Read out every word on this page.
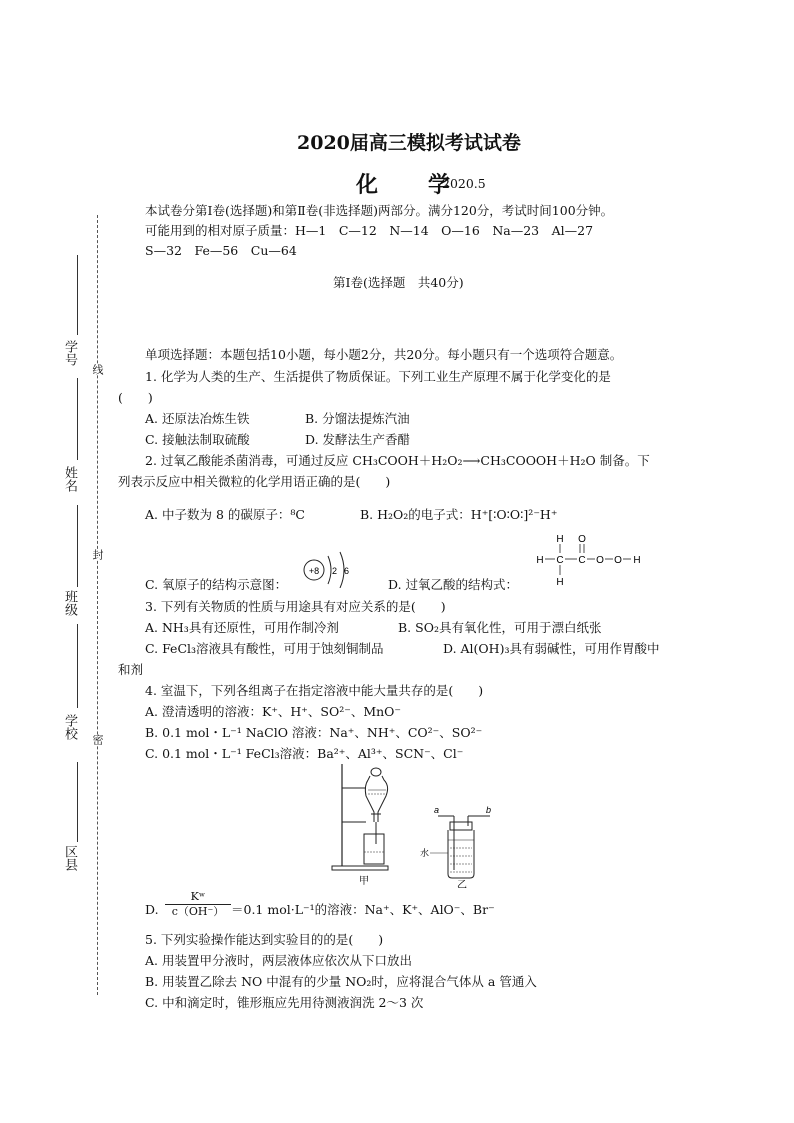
学号
姓名
班级
学校
区县
线
封
密
2020届高三模拟考试试卷
化　　学
2020.5
本试卷分第Ⅰ卷(选择题)和第Ⅱ卷(非选择题)两部分。满分120分，考试时间100分钟。
可能用到的相对原子质量：H—1　C—12　N—14　O—16　Na—23　Al—27
S—32　Fe—56　Cu—64
第Ⅰ卷(选择题　共40分)
单项选择题：本题包括10小题，每小题2分，共20分。每小题只有一个选项符合题意。
1. 化学为人类的生产、生活提供了物质保证。下列工业生产原理不属于化学变化的是
(　　)
A. 还原法冶炼生铁	B. 分馏法提炼汽油
C. 接触法制取硫酸	D. 发酵法生产香醋
2. 过氧乙酸能杀菌消毒，可通过反应 CH₃COOH＋H₂O₂⟶CH₃COOOH＋H₂O 制备。下
列表示反应中相关微粒的化学用语正确的是(　　)
A. 中子数为 8 的碳原子：⁸C	B. H₂O₂的电子式：H⁺[∶O∶O∶]²⁻H⁺
C. 氧原子的结构示意图：	D. 过氧乙酸的结构式：
+8 2 6
H
H C C
O
H
O O H
3. 下列有关物质的性质与用途具有对应关系的是(　　)
A. NH₃具有还原性，可用作制冷剂	B. SO₂具有氧化性，可用于漂白纸张
C. FeCl₃溶液具有酸性，可用于蚀刻铜制品	D. Al(OH)₃具有弱碱性，可用作胃酸中
和剂
4. 室温下，下列各组离子在指定溶液中能大量共存的是(　　)
A. 澄清透明的溶液：K⁺、H⁺、SO²⁻、MnO⁻
B. 0.1 mol・L⁻¹ NaClO 溶液：Na⁺、NH⁺、CO²⁻、SO²⁻
C. 0.1 mol・L⁻¹ FeCl₃溶液：Ba²⁺、Al³⁺、SCN⁻、Cl⁻
甲
a	b
水
乙
D. $\frac{\text{Kʷ}}{c(OH^-)} =0.1$ mol·L⁻¹的溶液：Na⁺、K⁺、AlO⁻、Br⁻
5. 下列实验操作能达到实验目的的是(　　)
A. 用装置甲分液时，两层液体应依次从下口放出
B. 用装置乙除去 NO 中混有的少量 NO₂时，应将混合气体从 a 管通入
C. 中和滴定时，锥形瓶应先用待测液润洗 2～3 次
